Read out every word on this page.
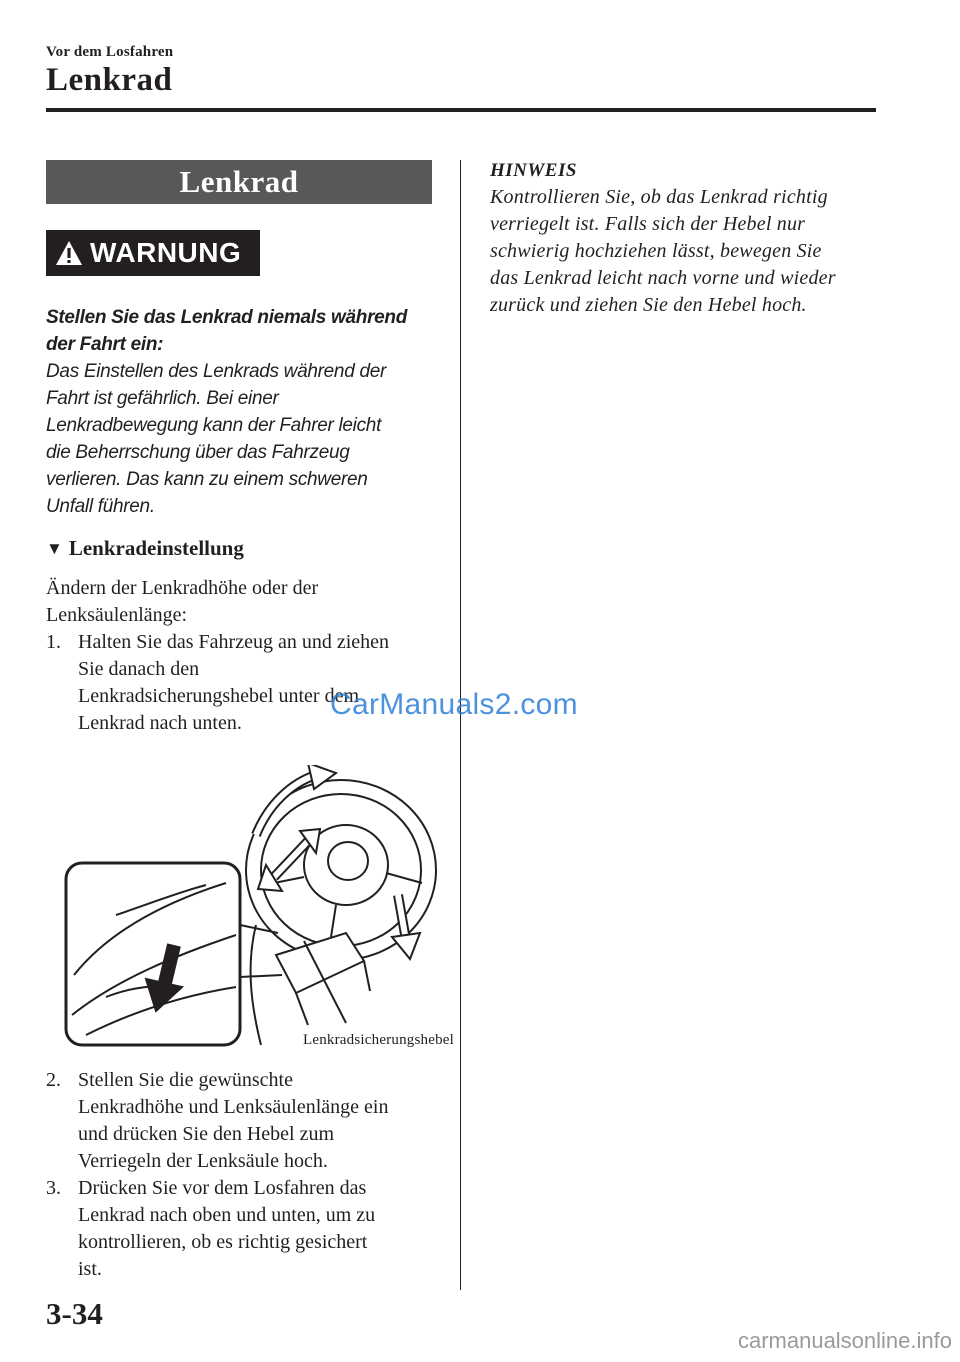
Vor dem Losfahren
Lenkrad
Lenkrad
WARNUNG
Stellen Sie das Lenkrad niemals während
der Fahrt ein:
Das Einstellen des Lenkrads während der
Fahrt ist gefährlich. Bei einer
Lenkradbewegung kann der Fahrer leicht
die Beherrschung über das Fahrzeug
verlieren. Das kann zu einem schweren
Unfall führen.
▼ Lenkradeinstellung
Ändern der Lenkradhöhe oder der
Lenksäulenlänge:
1. Halten Sie das Fahrzeug an und ziehen
Sie danach den
Lenkradsicherungshebel unter dem
Lenkrad nach unten.
Lenkradsicherungshebel
2. Stellen Sie die gewünschte
Lenkradhöhe und Lenksäulenlänge ein
und drücken Sie den Hebel zum
Verriegeln der Lenksäule hoch.
3. Drücken Sie vor dem Losfahren das
Lenkrad nach oben und unten, um zu
kontrollieren, ob es richtig gesichert
ist.
HINWEIS
Kontrollieren Sie, ob das Lenkrad richtig
verriegelt ist. Falls sich der Hebel nur
schwierig hochziehen lässt, bewegen Sie
das Lenkrad leicht nach vorne und wieder
zurück und ziehen Sie den Hebel hoch.
CarManuals2.com
3-34
carmanualsonline.info
